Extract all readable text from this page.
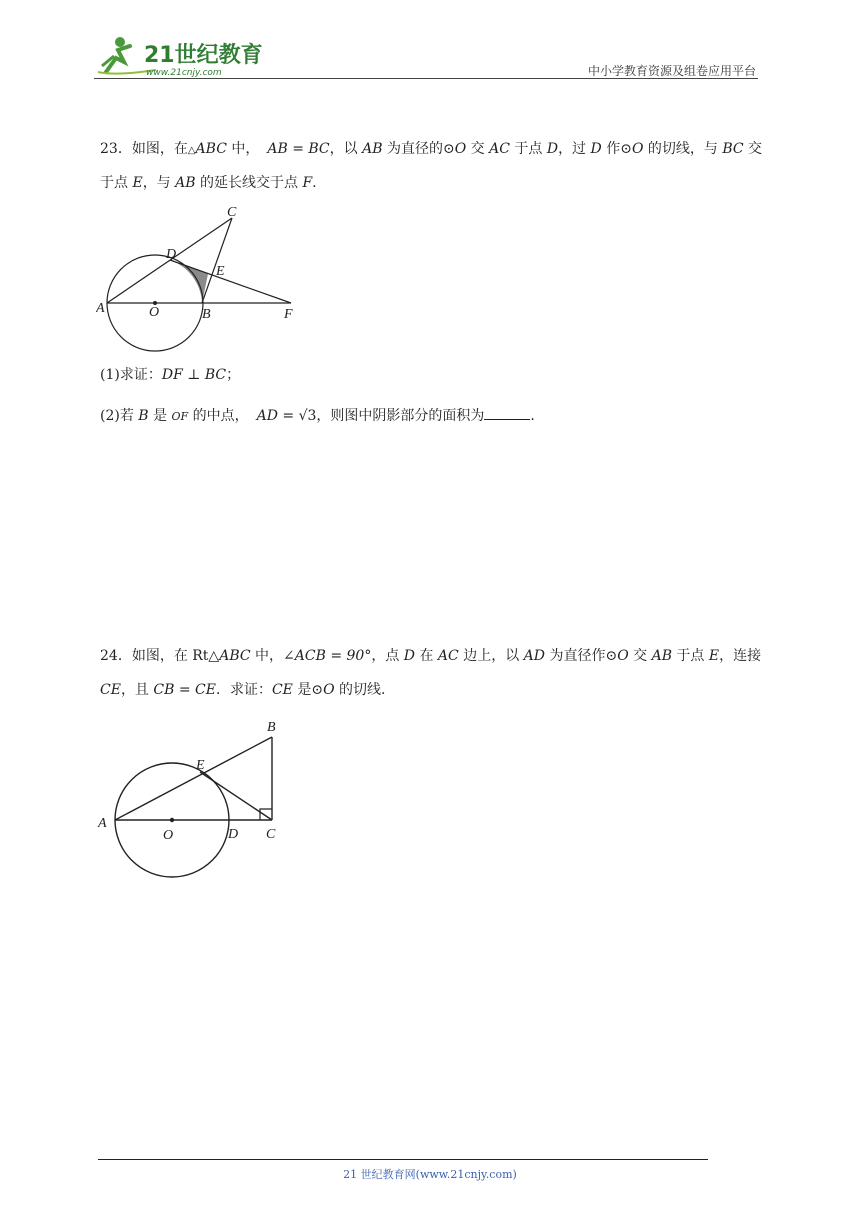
21世纪教育
www.21cnjy.com	中小学教育资源及组卷应用平台
23．如图，在△ABC 中， AB = BC，以 AB 为直径的⊙O 交 AC 于点 D，过 D 作⊙O 的切线，与 BC 交
于点 E，与 AB 的延长线交于点 F.
A	O	B	F
C
D
E
(1)求证：DF ⊥ BC；
(2)若 B 是 OF 的中点， AD = √3，则图中阴影部分的面积为	.
24．如图，在 Rt△ABC 中，∠ACB = 90°，点 D 在 AC 边上，以 AD 为直径作⊙O 交 AB 于点 E，连接
CE，且 CB = CE．求证：CE 是⊙O 的切线.
A
O	D C
B
E
21 世纪教育网(www.21cnjy.com)
